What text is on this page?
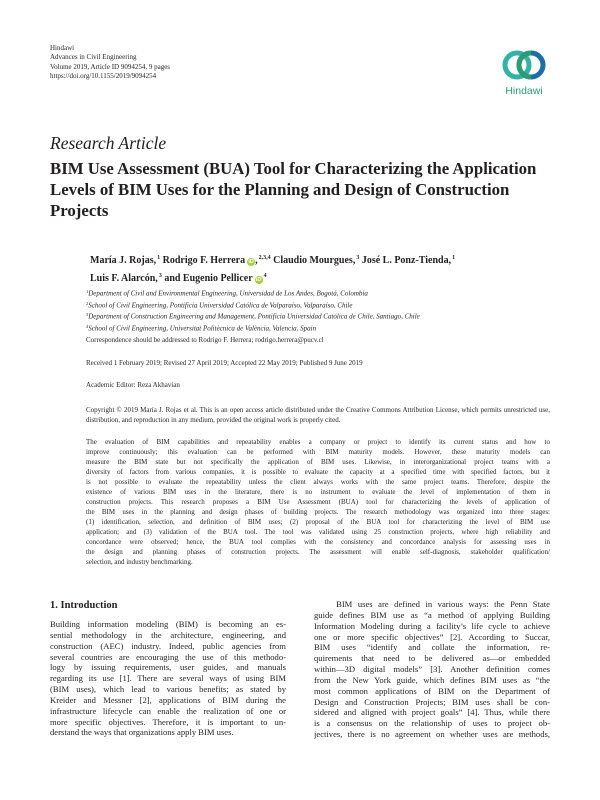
Hindawi
Advances in Civil Engineering
Volume 2019, Article ID 9094254, 9 pages
https://doi.org/10.1155/2019/9094254
Hindawi
Research Article
BIM Use Assessment (BUA) Tool for Characterizing the Application Levels of BIM Uses for the Planning and Design of Construction Projects
María J. Rojas,$^1$ Rodrigo F. Herrera iD,$^{2,3,4}$ Claudio Mourgues,$^3$ José L. Ponz-Tienda,$^1$
Luis F. Alarcón,$^3$ and Eugenio Pellicer $iD^4$
$^1$Department of Civil and Environmental Engineering, Universidad de Los Andes, Bogotá, Colombia
$^2$School of Civil Engineering, Pontificia Universidad Católica de Valparaíso, Valparaíso, Chile
$^3$Department of Construction Engineering and Management, Pontificia Universidad Católica de Chile, Santiago, Chile
$^4$School of Civil Engineering, Universitat Politècnica de València, Valencia, Spain
Correspondence should be addressed to Rodrigo F. Herrera; rodrigo.herrera@pucv.cl
Received 1 February 2019; Revised 27 April 2019; Accepted 22 May 2019; Published 9 June 2019
Academic Editor: Reza Akhavian
Copyright © 2019 María J. Rojas et al. This is an open access article distributed under the Creative Commons Attribution License, which permits unrestricted use, distribution, and reproduction in any medium, provided the original work is properly cited.
The evaluation of BIM capabilities and repeatability enables a company or project to identify its current status and how to
improve continuously; this evaluation can be performed with BIM maturity models. However, these maturity models can
measure the BIM state but not specifically the application of BIM uses. Likewise, in interorganizational project teams with a
diversity of factors from various companies, it is possible to evaluate the capacity at a specified time with specified factors, but it
is not possible to evaluate the repeatability unless the client always works with the same project teams. Therefore, despite the
existence of various BIM uses in the literature, there is no instrument to evaluate the level of implementation of them in
construction projects. This research proposes a BIM Use Assessment (BUA) tool for characterizing the levels of application of
the BIM uses in the planning and design phases of building projects. The research methodology was organized into three stages:
(1) identification, selection, and definition of BIM uses; (2) proposal of the BUA tool for characterizing the level of BIM use
application; and (3) validation of the BUA tool. The tool was validated using 25 construction projects, where high reliability and
concordance were observed; hence, the BUA tool complies with the consistency and concordance analysis for assessing uses in
the design and planning phases of construction projects. The assessment will enable self-diagnosis, stakeholder qualification/
selection, and industry benchmarking.
1. Introduction
Building information modeling (BIM) is becoming an es-
sential methodology in the architecture, engineering, and
construction (AEC) industry. Indeed, public agencies from
several countries are encouraging the use of this methodo-
logy by issuing requirements, user guides, and manuals
regarding its use [1]. There are several ways of using BIM
(BIM uses), which lead to various benefits; as stated by
Kreider and Messner [2], applications of BIM during the
infrastructure lifecycle can enable the realization of one or
more specific objectives. Therefore, it is important to un-
derstand the ways that organizations apply BIM uses.
BIM uses are defined in various ways: the Penn State
guide defines BIM use as “a method of applying Building
Information Modeling during a facility’s life cycle to achieve
one or more specific objectives” [2]. According to Succar,
BIM uses “identify and collate the information, re-
quirements that need to be delivered as—or embedded
within—3D digital models” [3]. Another definition comes
from the New York guide, which defines BIM uses as “the
most common applications of BIM on the Department of
Design and Construction Projects; BIM uses shall be con-
sidered and aligned with project goals” [4]. Thus, while there
is a consensus on the relationship of uses to project ob-
jectives, there is no agreement on whether uses are methods,
